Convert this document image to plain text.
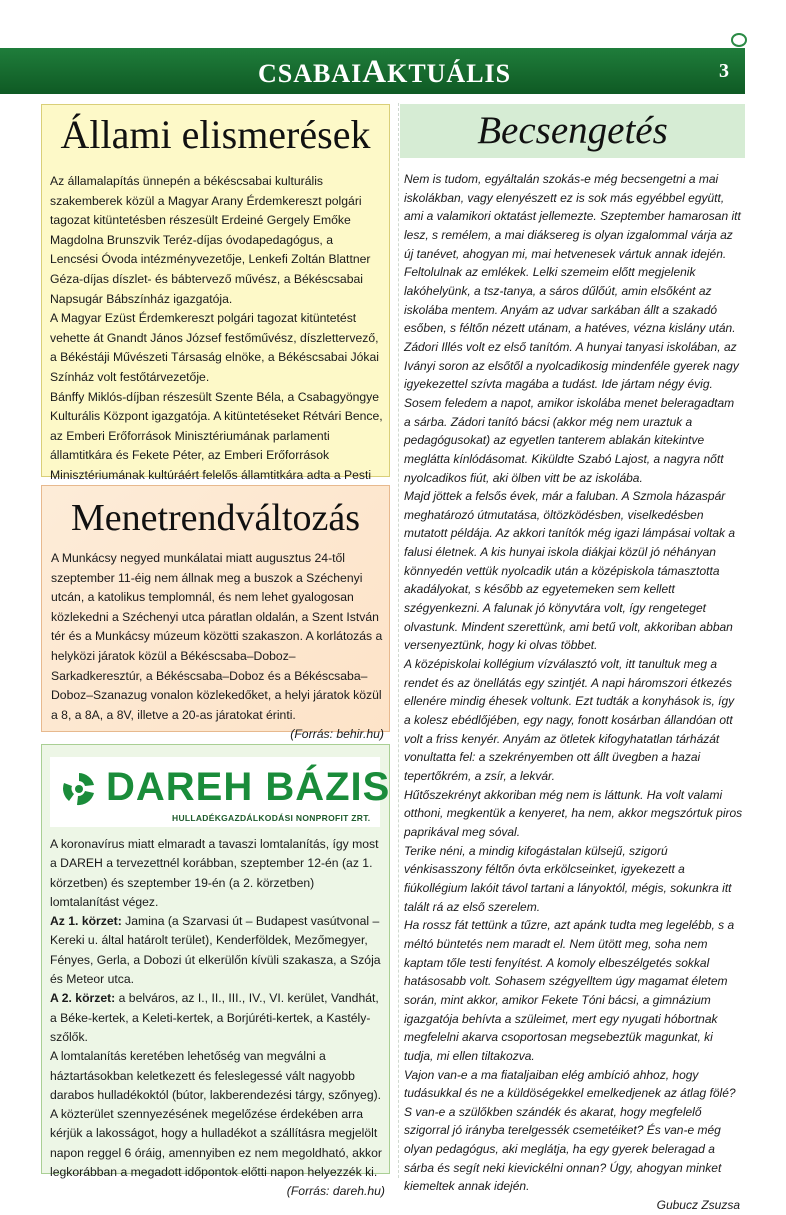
CSABAIAKTUÁLIS	3
Állami elismerések

Az államalapítás ünnepén a békéscsabai kulturális szakemberek közül a Magyar Arany Érdemkereszt polgári tagozat kitüntetésben részesült Erdeiné Gergely Emőke Magdolna Brunszvik Teréz-díjas óvodapedagógus, a Lencsési Óvoda intézményvezetője, Lenkefi Zoltán Blattner Géza-díjas díszlet- és bábtervező művész, a Békéscsabai Napsugár Bábszínház igazgatója.

A Magyar Ezüst Érdemkereszt polgári tagozat kitüntetést vehette át Gnandt János József festőművész, díszlettervező, a Békéstáji Művészeti Társaság elnöke, a Békéscsabai Jókai Színház volt festőtárvezetője.

Bánffy Miklós-díjban részesült Szente Béla, a Csabagyöngye Kulturális Központ igazgatója. A kitüntetéseket Rétvári Bence, az Emberi Erőforrások Minisztériumának parlamenti államtitkára és Fekete Péter, az Emberi Erőforrások Minisztériumának kultúráért felelős államtitkára adta a Pesti

Menetrendváltozás

A Munkácsy negyed munkálatai miatt augusztus 24-től szeptember 11-éig nem állnak meg a buszok a Széchenyi utcán, a katolikus templomnál, és nem lehet gyalogosan közlekedni a Széchenyi utca páratlan oldalán, a Szent István tér és a Munkácsy múzeum közötti szakaszon. A korlátozás a helyközi járatok közül a Békéscsaba–Doboz–Sarkadkeresztúr, a Békéscsaba–Doboz és a Békéscsaba–Doboz–Szanazug vonalon közlekedőket, a helyi járatok közül a 8, a 8A, a 8V, illetve a 20-as járatokat érinti.

(Forrás: behir.hu)

DAREH BÁZIS
HULLADÉKGAZDÁLKODÁSI NONPROFIT ZRT.

A koronavírus miatt elmaradt a tavaszi lomtalanítás, így most a DAREH a tervezettnél korábban, szeptember 12-én (az 1. körzetben) és szeptember 19-én (a 2. körzetben) lomtalanítást végez.

Az 1. körzet: Jamina (a Szarvasi út – Budapest vasútvonal – Kereki u. által határolt terület), Kenderföldek, Mezőmegyer, Fényes, Gerla, a Dobozi út elkerülőn kívüli szakasza, a Szója és Meteor utca.

A 2. körzet: a belváros, az I., II., III., IV., VI. kerület, Vandhát, a Béke-kertek, a Keleti-kertek, a Borjúréti-kertek, a Kastély-szőlők.

A lomtalanítás keretében lehetőség van megválni a háztartásokban keletkezett és feleslegessé vált nagyobb darabos hulladékoktól (bútor, lakberendezési tárgy, szőnyeg).

A közterület szennyezésének megelőzése érdekében arra kérjük a lakosságot, hogy a hulladékot a szállításra megjelölt napon reggel 6 óráig, amennyiben ez nem megoldható, akkor legkorábban a megadott időpontok előtti napon helyezzék ki.

(Forrás: dareh.hu)

Becsengetés

Nem is tudom, egyáltalán szokás-e még becsengetni a mai iskolákban, vagy elenyészett ez is sok más egyébbel együtt, ami a valamikori oktatást jellemezte. Szeptember hamarosan itt lesz, s remélem, a mai diáksereg is olyan izgalommal várja az új tanévet, ahogyan mi, mai hetvenesek vártuk annak idején.

Feltolulnak az emlékek. Lelki szemeim előtt megjelenik lakóhelyünk, a tsz-tanya, a sáros dűlőút, amin elsőként az iskolába mentem. Anyám az udvar sarkában állt a szakadó esőben, s féltőn nézett utánam, a hatéves, vézna kislány után. Zádori Illés volt ez első tanítóm. A hunyai tanyasi iskolában, az Iványi soron az elsőtől a nyolcadikosig mindenféle gyerek nagy igyekezettel szívta magába a tudást. Ide jártam négy évig. Sosem feledem a napot, amikor iskolába menet beleragadtam a sárba. Zádori tanító bácsi (akkor még nem uraztuk a pedagógusokat) az egyetlen tanterem ablakán kitekintve meglátta kínlódásomat. Kiküldte Szabó Lajost, a nagyra nőtt nyolcadikos fiút, aki ölben vitt be az iskolába.

Majd jöttek a felsős évek, már a faluban. A Szmola házaspár meghatározó útmutatása, öltözködésben, viselkedésben mutatott példája. Az akkori tanítók még igazi lámpásai voltak a falusi életnek. A kis hunyai iskola diákjai közül jó néhányan könnyedén vettük nyolcadik után a középiskola támasztotta akadályokat, s később az egyetemeken sem kellett szégyenkezni. A falunak jó könyvtára volt, így rengeteget olvastunk. Mindent szerettünk, ami betű volt, akkoriban abban versenyeztünk, hogy ki olvas többet.

A középiskolai kollégium vízválasztó volt, itt tanultuk meg a rendet és az önellátás egy szintjét. A napi háromszori étkezés ellenére mindig éhesek voltunk. Ezt tudták a konyhások is, így a kolesz ebédlőjében, egy nagy, fonott kosárban állandóan ott volt a friss kenyér. Anyám az ötletek kifogyhatatlan tárházát vonultatta fel: a szekrényemben ott állt üvegben a hazai tepertőkrém, a zsír, a lekvár.

Hűtőszekrényt akkoriban még nem is láttunk. Ha volt valami otthoni, megkentük a kenyeret, ha nem, akkor megszórtuk piros paprikával meg sóval.

Terike néni, a mindig kifogástalan külsejű, szigorú vénkisasszony féltőn óvta erkölcseinket, igyekezett a fiúkollégium lakóit távol tartani a lányoktól, mégis, sokunkra itt talált rá az első szerelem.

Ha rossz fát tettünk a tűzre, azt apánk tudta meg legelébb, s a méltó büntetés nem maradt el. Nem ütött meg, soha nem kaptam tőle testi fenyítést. A komoly elbeszélgetés sokkal hatásosabb volt. Sohasem szégyelltem úgy magamat életem során, mint akkor, amikor Fekete Tóni bácsi, a gimnázium igazgatója behívta a szüleimet, mert egy nyugati hóbortnak megfelelni akarva csoportosan megsebeztük magunkat, ki tudja, mi ellen tiltakozva.

Vajon van-e a ma fiataljaiban elég ambíció ahhoz, hogy tudásukkal és ne a küldöségekkel emelkedjenek az átlag fölé? S van-e a szülőkben szándék és akarat, hogy megfelelő szigorral jó irányba terelgessék csemetéiket? És van-e még olyan pedagógus, aki meglátja, ha egy gyerek beleragad a sárba és segít neki kievickélni onnan? Úgy, ahogyan minket kiemeltek annak idején.

Gubucz Zsuzsa
